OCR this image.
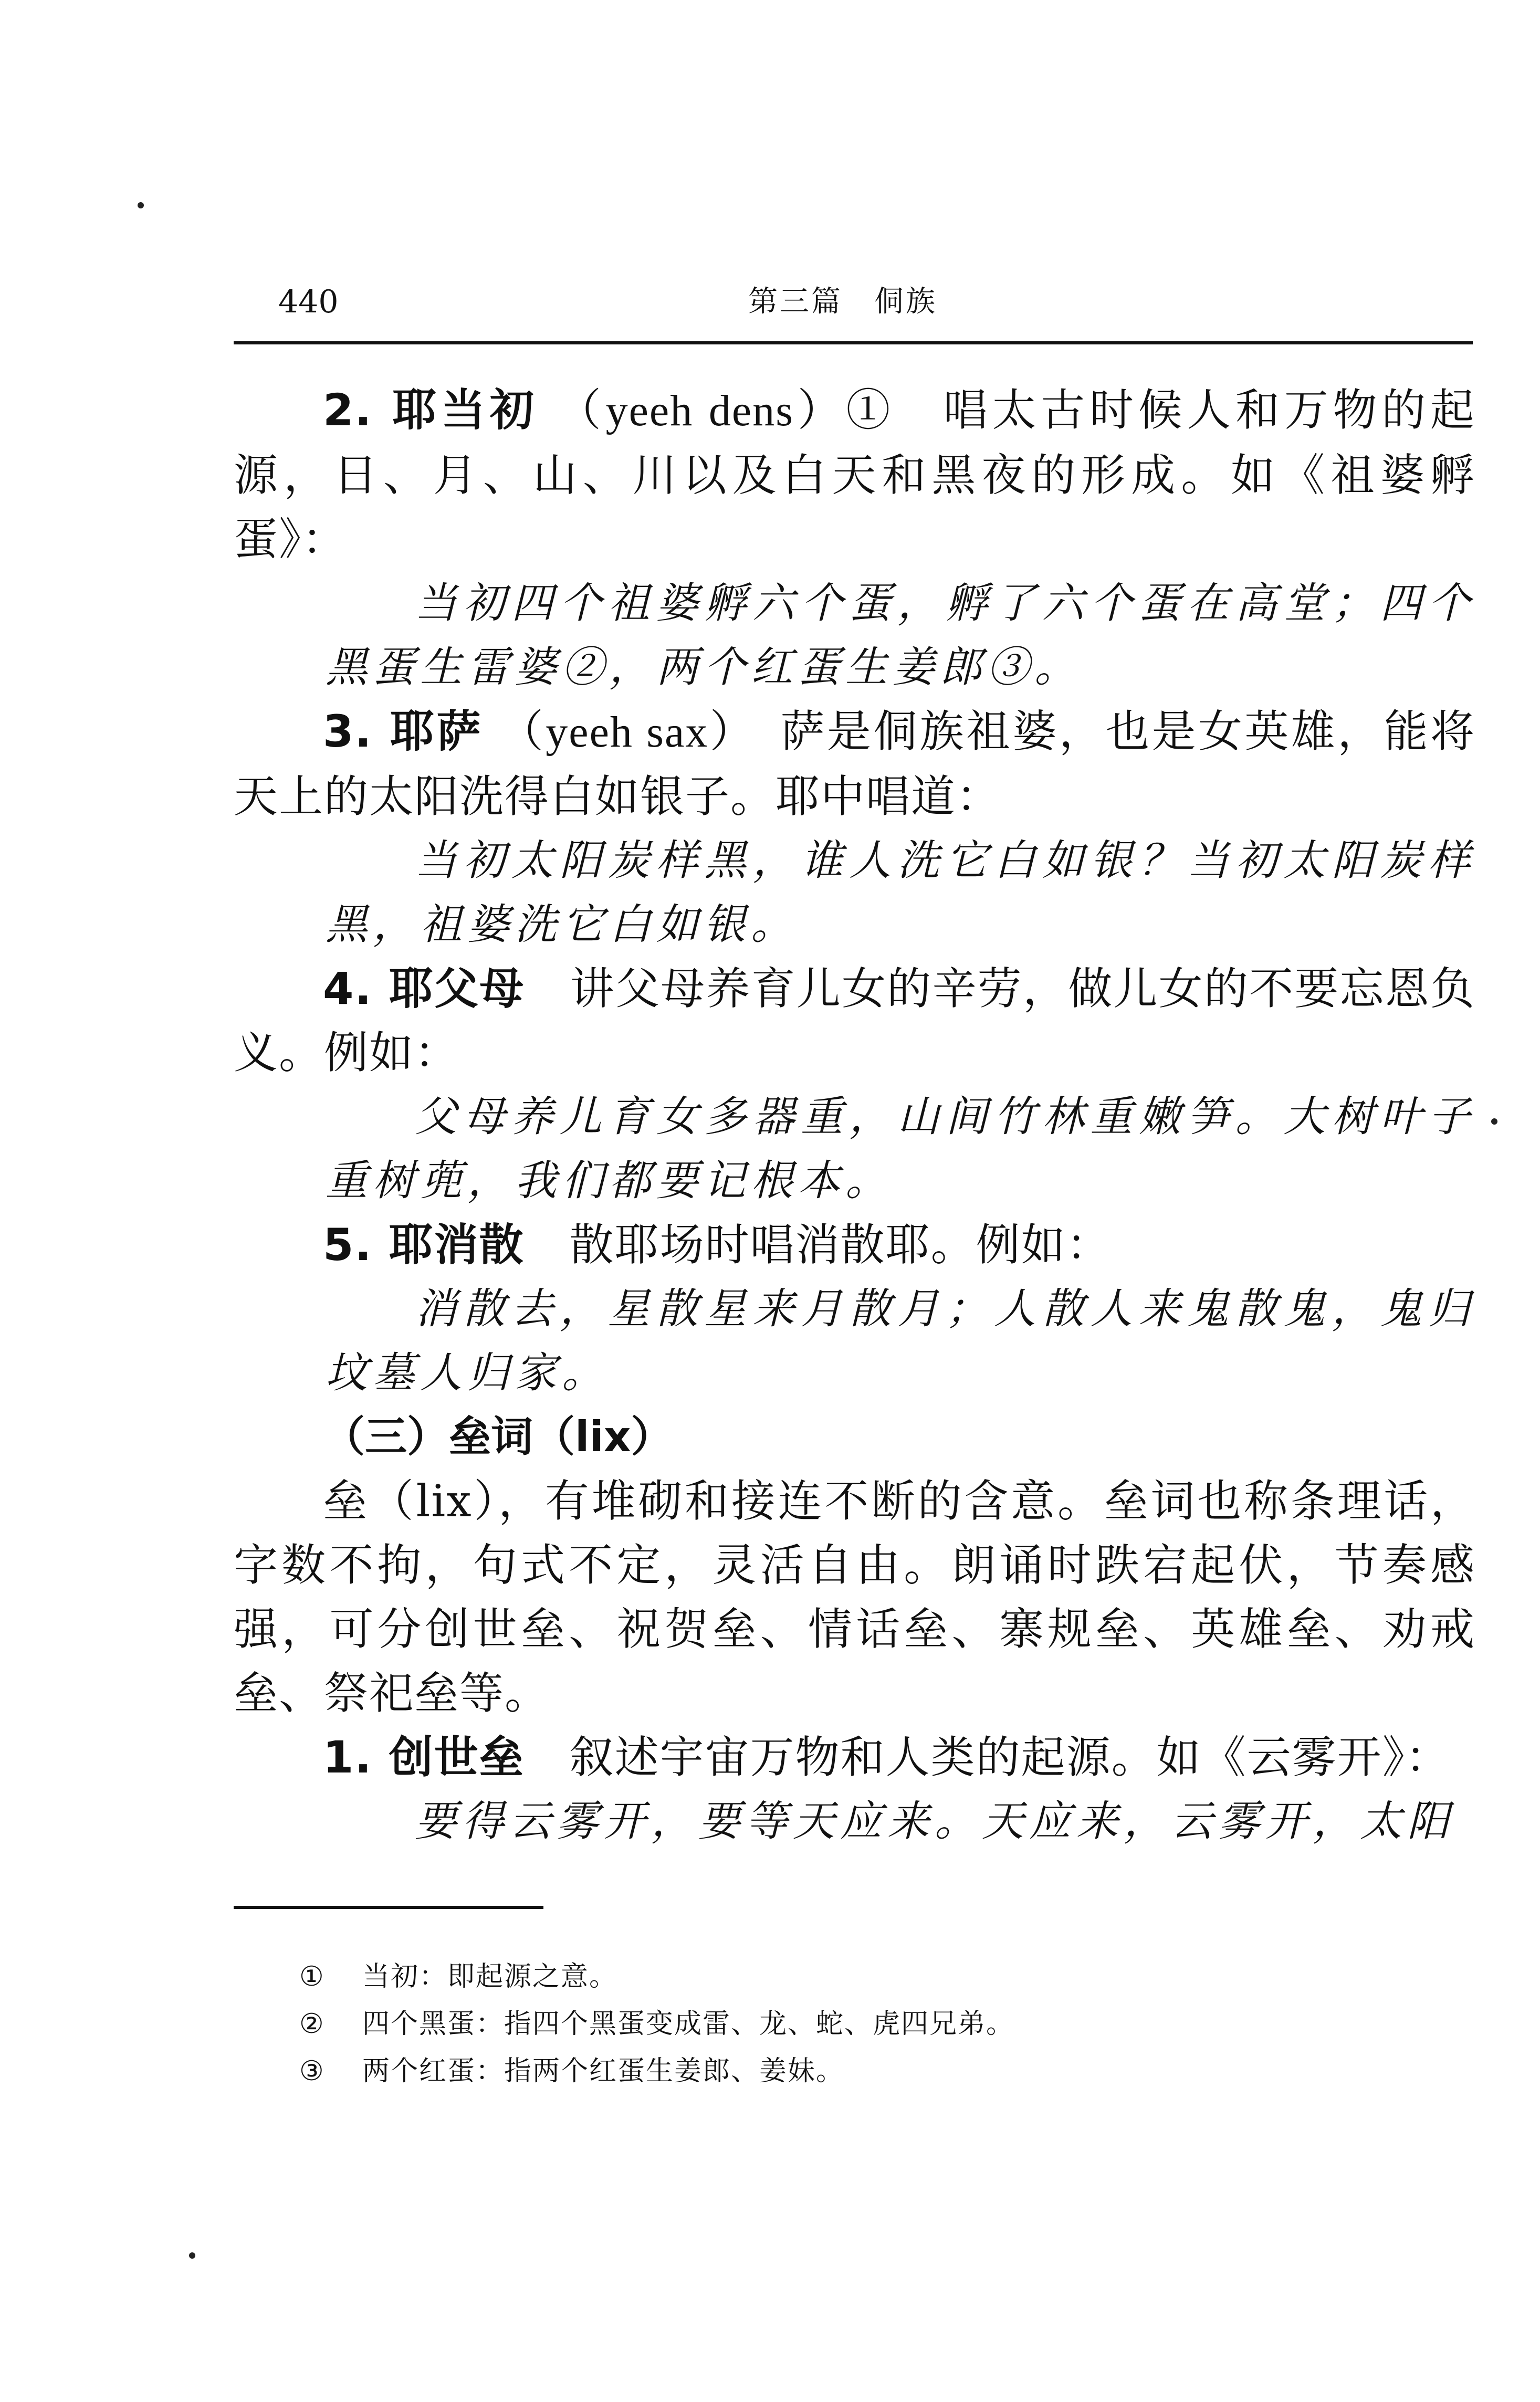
440	第三篇 侗族

2. 耶当初 （yeeh dens）①　 唱太古时候人和万物的起源，日、月、山、川以及白天和黑夜的形成。如《祖婆孵蛋》：

当初四个祖婆孵六个蛋，孵了六个蛋在高堂；四个黑蛋生雷婆②，两个红蛋生姜郎③。

3. 耶萨 （yeeh sax）　 萨是侗族祖婆，也是女英雄，能将天上的太阳洗得白如银子。耶中唱道：

当初太阳炭样黑，谁人洗它白如银？当初太阳炭样黑，祖婆洗它白如银。

4. 耶父母　 讲父母养育儿女的辛劳，做儿女的不要忘恩负义。例如：

父母养儿育女多器重，山间竹林重嫩笋。大树叶子重树蔸，我们都要记根本。

5. 耶消散　 散耶场时唱消散耶。例如：

消散去，星散星来月散月；人散人来鬼散鬼，鬼归坟墓人归家。

（三）垒词（lix）

垒（lix），有堆砌和接连不断的含意。垒词也称条理话，字数不拘，句式不定，灵活自由。朗诵时跌宕起伏，节奏感强，可分创世垒、祝贺垒、情话垒、寨规垒、英雄垒、劝戒垒、祭祀垒等。

1. 创世垒　 叙述宇宙万物和人类的起源。如《云雾开》：

要得云雾开，要等天应来。天应来，云雾开，太阳

① 当初：即起源之意。

② 四个黑蛋：指四个黑蛋变成雷、龙、蛇、虎四兄弟。

③ 两个红蛋：指两个红蛋生姜郎、姜妹。
